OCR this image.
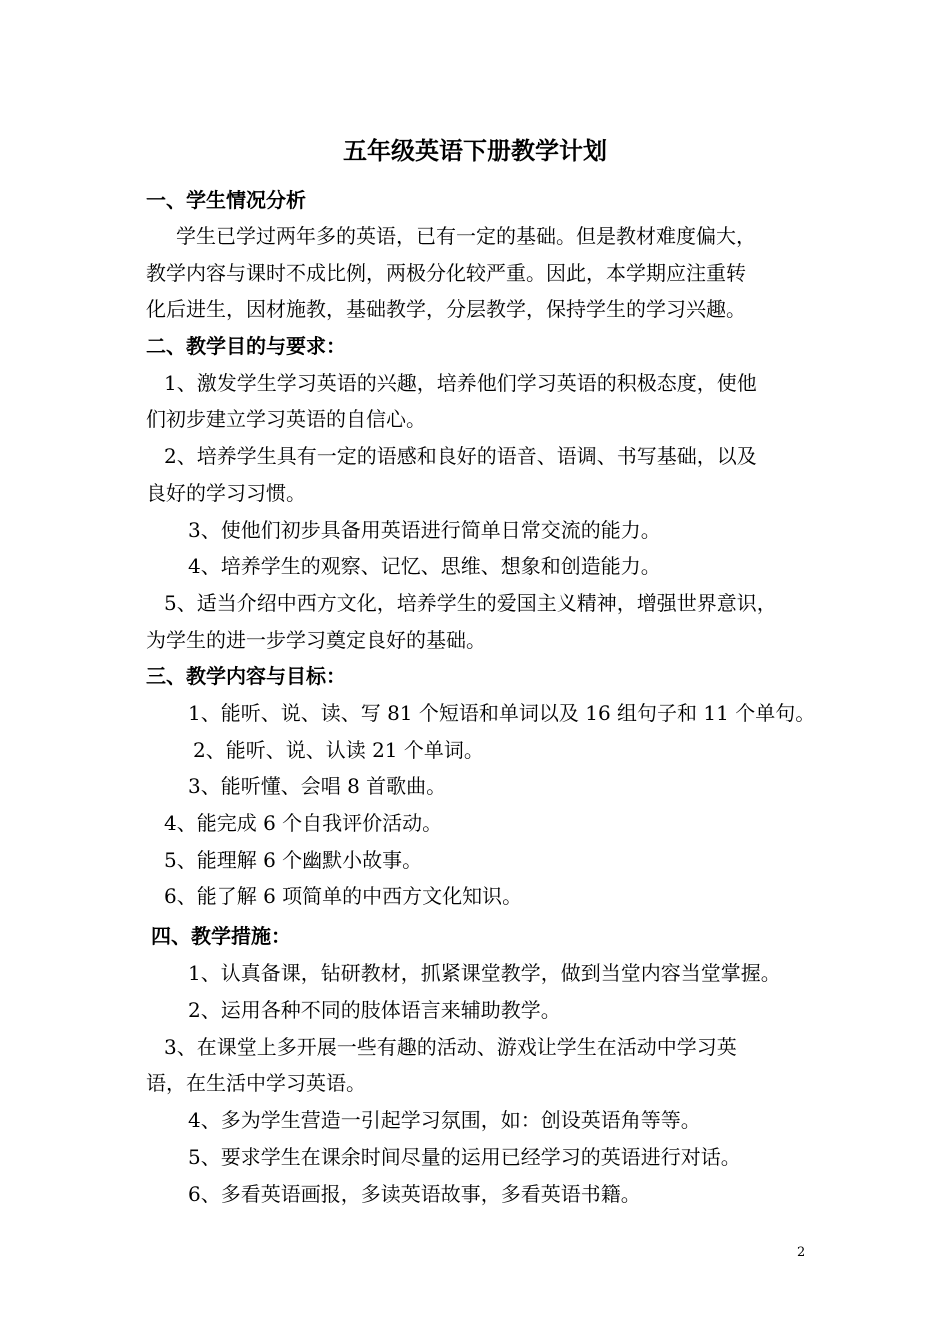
五年级英语下册教学计划
一、学生情况分析
学生已学过两年多的英语，已有一定的基础。但是教材难度偏大，
教学内容与课时不成比例，两极分化较严重。因此，本学期应注重转
化后进生，因材施教，基础教学，分层教学，保持学生的学习兴趣。
二、教学目的与要求：
1、激发学生学习英语的兴趣，培养他们学习英语的积极态度，使他
们初步建立学习英语的自信心。
2、培养学生具有一定的语感和良好的语音、语调、书写基础，以及
良好的学习习惯。
3、使他们初步具备用英语进行简单日常交流的能力。
4、培养学生的观察、记忆、思维、想象和创造能力。
5、适当介绍中西方文化，培养学生的爱国主义精神，增强世界意识，
为学生的进一步学习奠定良好的基础。
三、教学内容与目标：
1、能听、说、读、写 81 个短语和单词以及 16 组句子和 11 个单句。
2、能听、说、认读 21 个单词。
3、能听懂、会唱 8 首歌曲。
4、能完成 6 个自我评价活动。
5、能理解 6 个幽默小故事。
6、能了解 6 项简单的中西方文化知识。
四、教学措施：
1、认真备课，钻研教材，抓紧课堂教学，做到当堂内容当堂掌握。
2、运用各种不同的肢体语言来辅助教学。
3、在课堂上多开展一些有趣的活动、游戏让学生在活动中学习英
语，在生活中学习英语。
4、多为学生营造一引起学习氛围，如：创设英语角等等。
5、要求学生在课余时间尽量的运用已经学习的英语进行对话。
6、多看英语画报，多读英语故事，多看英语书籍。
2
